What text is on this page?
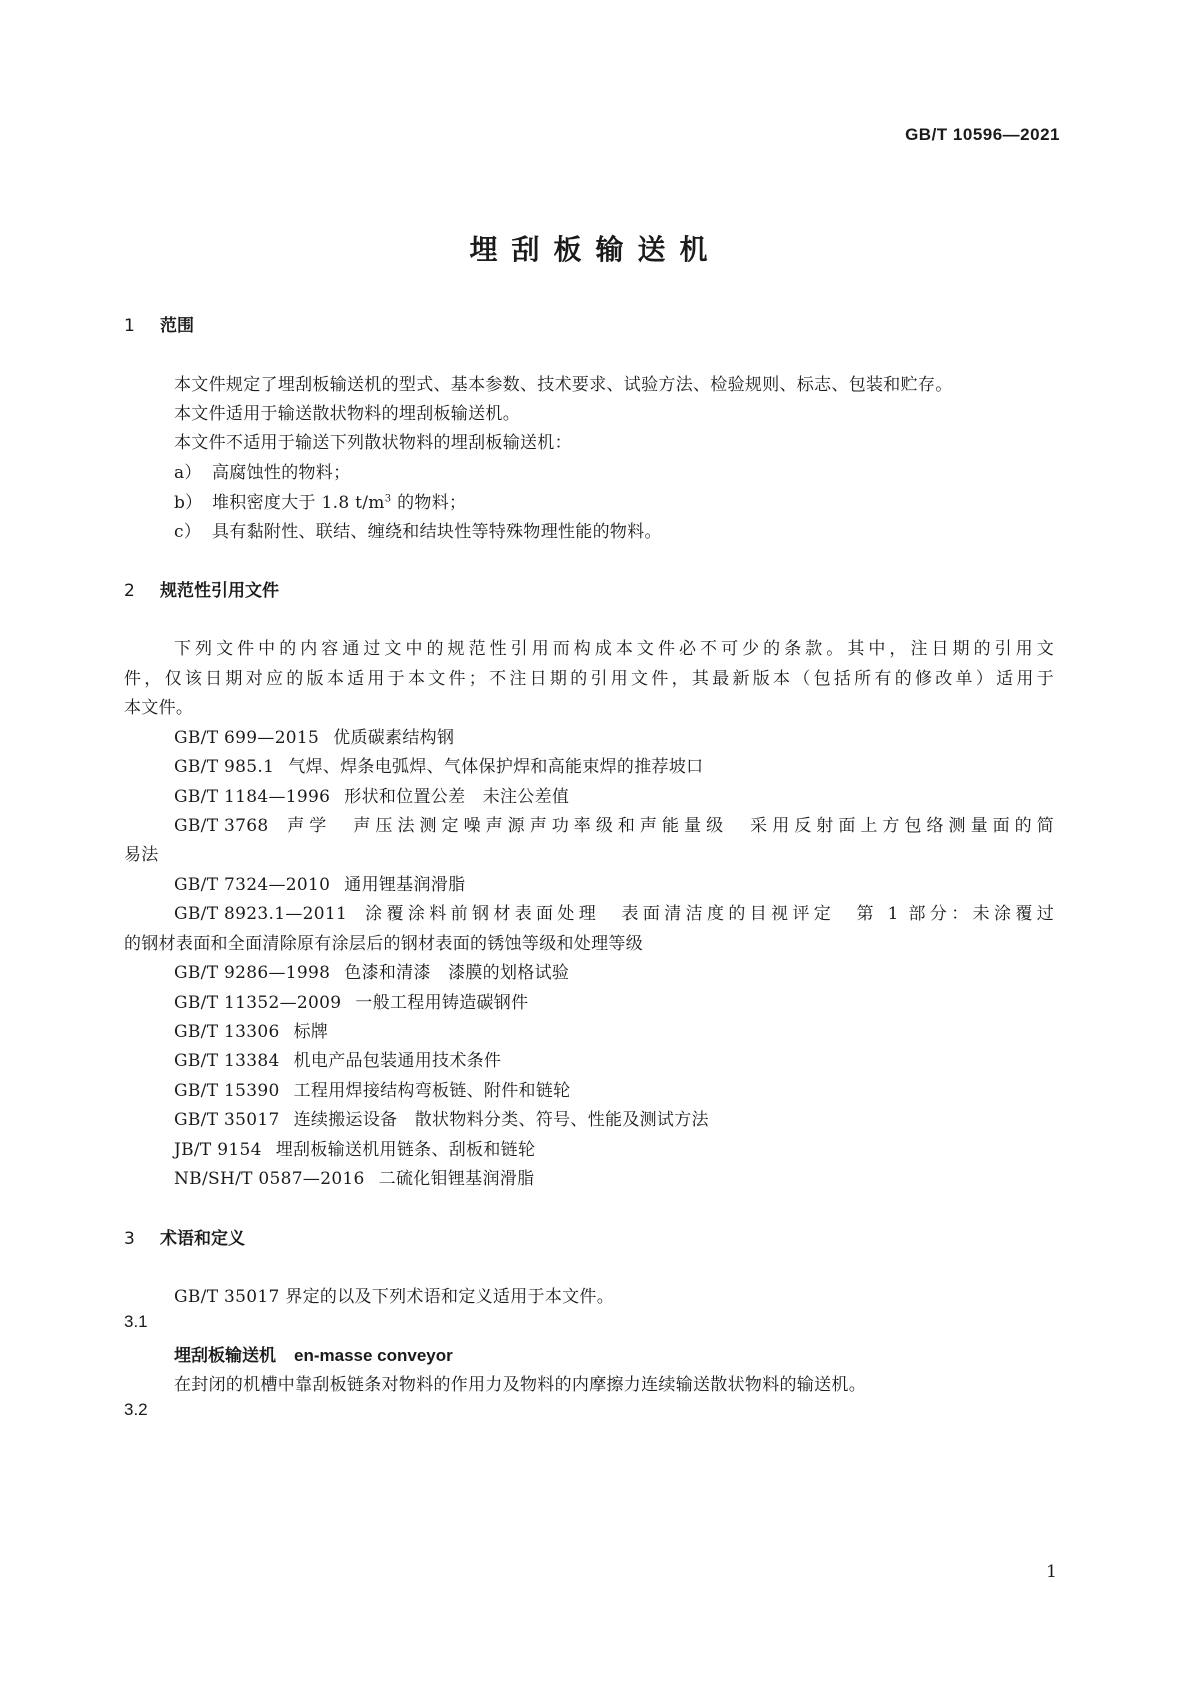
GB/T 10596—2021
埋刮板输送机
1 范围
本文件规定了埋刮板输送机的型式、基本参数、技术要求、试验方法、检验规则、标志、包装和贮存。
本文件适用于输送散状物料的埋刮板输送机。
本文件不适用于输送下列散状物料的埋刮板输送机：
a） 高腐蚀性的物料；
b） 堆积密度大于 1.8 $t/m^3$ 的物料；
c） 具有黏附性、联结、缠绕和结块性等特殊物理性能的物料。
2 规范性引用文件
下列文件中的内容通过文中的规范性引用而构成本文件必不可少的条款。其中，注日期的引用文
件，仅该日期对应的版本适用于本文件；不注日期的引用文件，其最新版本（包括所有的修改单）适用于
本文件。
GB/T 699—2015 优质碳素结构钢
GB/T 985.1 气焊、焊条电弧焊、气体保护焊和高能束焊的推荐坡口
GB/T 1184—1996 形状和位置公差　未注公差值
GB/T 3768 声学　声压法测定噪声源声功率级和声能量级　采用反射面上方包络测量面的简
易法
GB/T 7324—2010 通用锂基润滑脂
GB/T 8923.1—2011 涂覆涂料前钢材表面处理　表面清洁度的目视评定　第 1 部分：未涂覆过
的钢材表面和全面清除原有涂层后的钢材表面的锈蚀等级和处理等级
GB/T 9286—1998 色漆和清漆　漆膜的划格试验
GB/T 11352—2009 一般工程用铸造碳钢件
GB/T 13306 标牌
GB/T 13384 机电产品包装通用技术条件
GB/T 15390 工程用焊接结构弯板链、附件和链轮
GB/T 35017 连续搬运设备　散状物料分类、符号、性能及测试方法
JB/T 9154 埋刮板输送机用链条、刮板和链轮
NB/SH/T 0587—2016 二硫化钼锂基润滑脂
3 术语和定义
GB/T 35017 界定的以及下列术语和定义适用于本文件。
3.1
埋刮板输送机 en-masse conveyor
在封闭的机槽中靠刮板链条对物料的作用力及物料的内摩擦力连续输送散状物料的输送机。
3.2
1
